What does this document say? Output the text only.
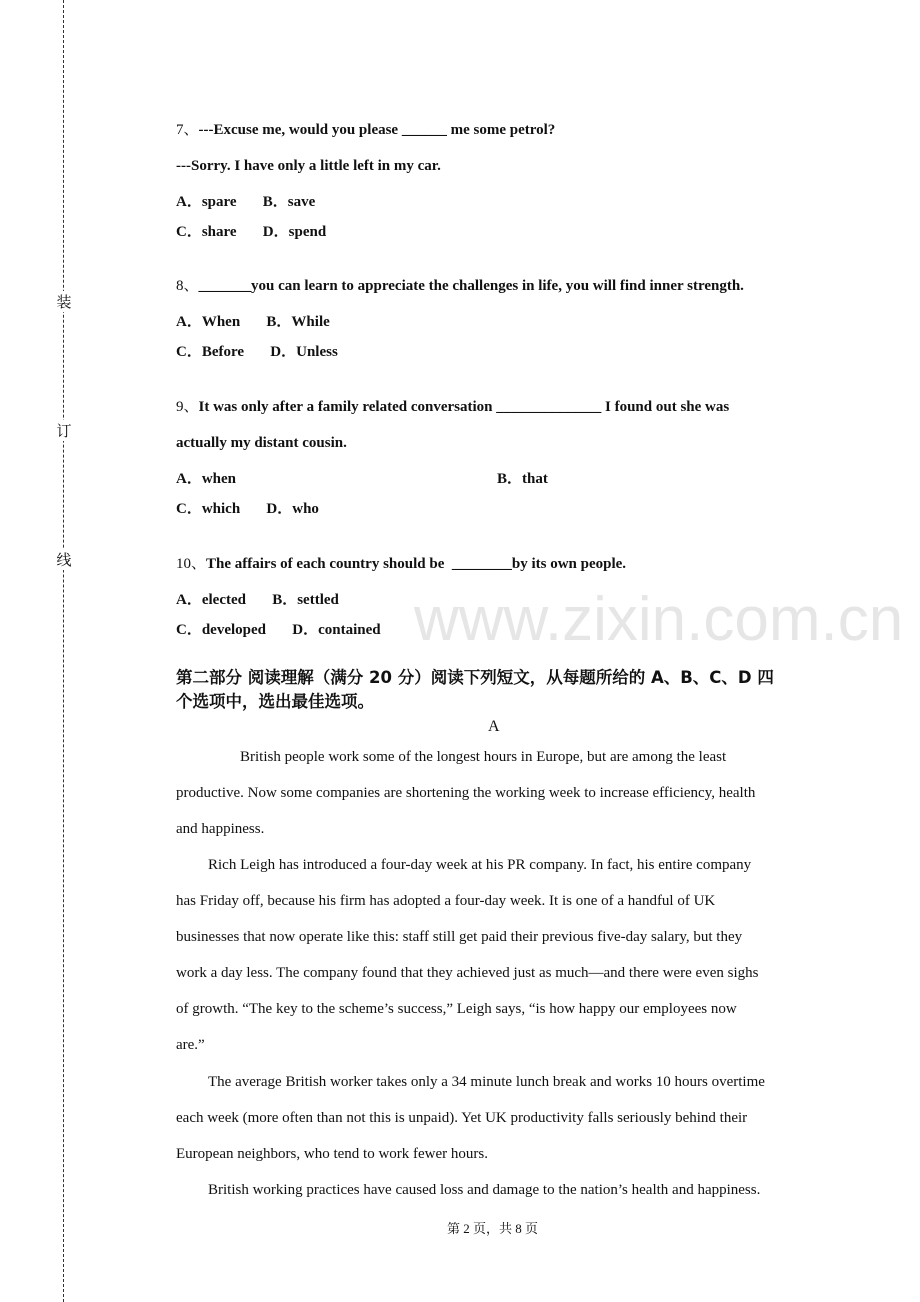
装
订
线
www.zixin.com.cn
7、---Excuse me, would you please ______ me some petrol?
---Sorry. I have only a little left in my car.
A．spare       B．save
C．share       D．spend
8、_______you can learn to appreciate the challenges in life, you will find inner strength.
A．When       B．While
C．Before       D．Unless
9、It was only after a family related conversation ______________ I found out she was
actually my distant cousin.
A．when	B．that
C．which       D．who
10、The affairs of each country should be  ________by its own people.
A．elected       B．settled
C．developed       D．contained
第二部分 阅读理解（满分 20 分）阅读下列短文，从每题所给的 A、B、C、D 四
个选项中，选出最佳选项。
A
British people work some of the longest hours in Europe, but are among the least
productive. Now some companies are shortening the working week to increase efficiency, health
and happiness.
Rich Leigh has introduced a four-day week at his PR company. In fact, his entire company
has Friday off, because his firm has adopted a four-day week. It is one of a handful of UK
businesses that now operate like this: staff still get paid their previous five-day salary, but they
work a day less. The company found that they achieved just as much—and there were even sighs
of growth. “The key to the scheme’s success,” Leigh says, “is how happy our employees now
are.”
The average British worker takes only a 34 minute lunch break and works 10 hours overtime
each week (more often than not this is unpaid). Yet UK productivity falls seriously behind their
European neighbors, who tend to work fewer hours.
British working practices have caused loss and damage to the nation’s health and happiness.
第 2 页，共 8 页
